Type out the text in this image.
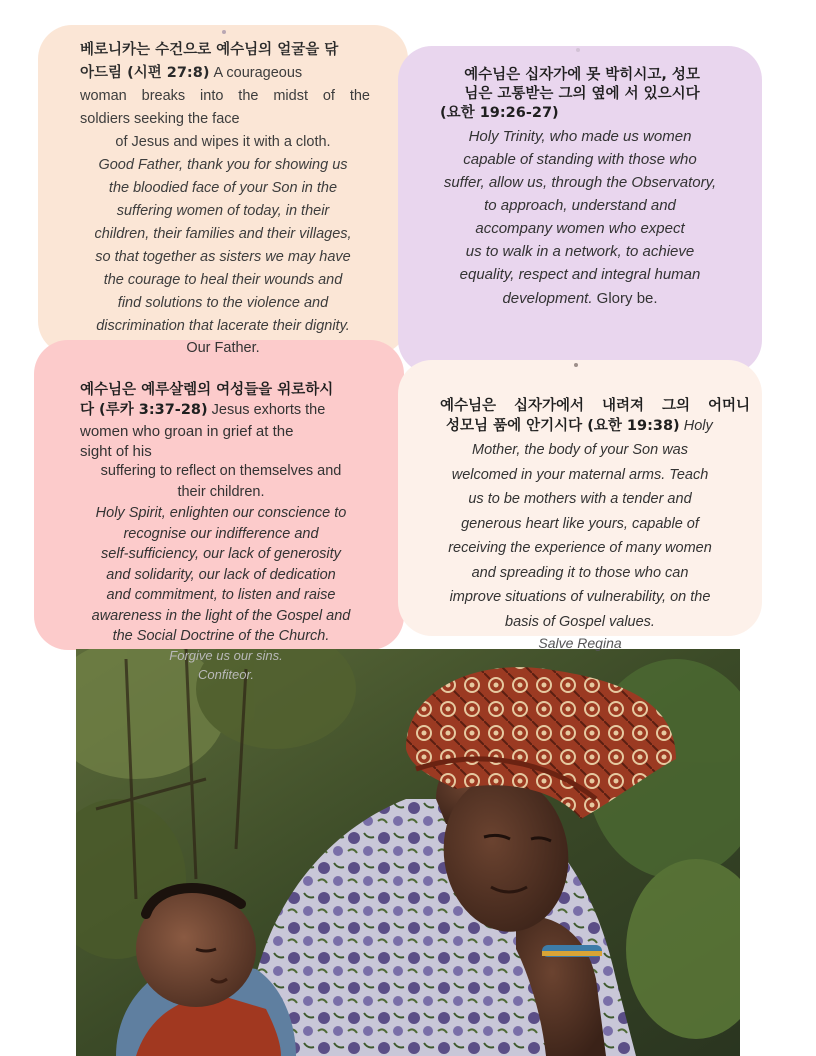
베로니카는 수건으로 예수님의 얼굴을 닦
아드림 (시편 27:8) A courageous
woman breaks into the midst of the
soldiers seeking the face
of Jesus and wipes it with a cloth.
Good Father, thank you for showing us
the bloodied face of your Son in the
suffering women of today, in their
children, their families and their villages,
so that together as sisters we may have
the courage to heal their wounds and
find solutions to the violence and
discrimination that lacerate their dignity.
예수님은 십자가에 못 박히시고, 성모
님은 고통받는 그의 옆에 서 있으시다
(요한 19:26-27)
Holy Trinity, who made us women
capable of standing with those who
suffer, allow us, through the Observatory,
to approach, understand and
accompany women who expect
us to walk in a network, to achieve
equality, respect and integral human
development. Glory be.
예수님은 예루살렘의 여성들을 위로하시
다 (루카 3:37-28) Jesus exhorts the
women who groan in grief at the
sight of his
suffering to reflect on themselves and
their children.
Holy Spirit, enlighten our conscience to
recognise our indifference and
self-sufficiency, our lack of generosity
and solidarity, our lack of dedication
and commitment, to listen and raise
awareness in the light of the Gospel and
the Social Doctrine of the Church.
Our Father.
예수님은 십자가에서 내려져 그의 어머니
성모님 품에 안기시다 (요한 19:38) Holy
Mother, the body of your Son was
welcomed in your maternal arms. Teach
us to be mothers with a tender and
generous heart like yours, capable of
receiving the experience of many women
and spreading it to those who can
improve situations of vulnerability, on the
basis of Gospel values.
Salve Regina
Forgive us our sins.
Confiteor.
